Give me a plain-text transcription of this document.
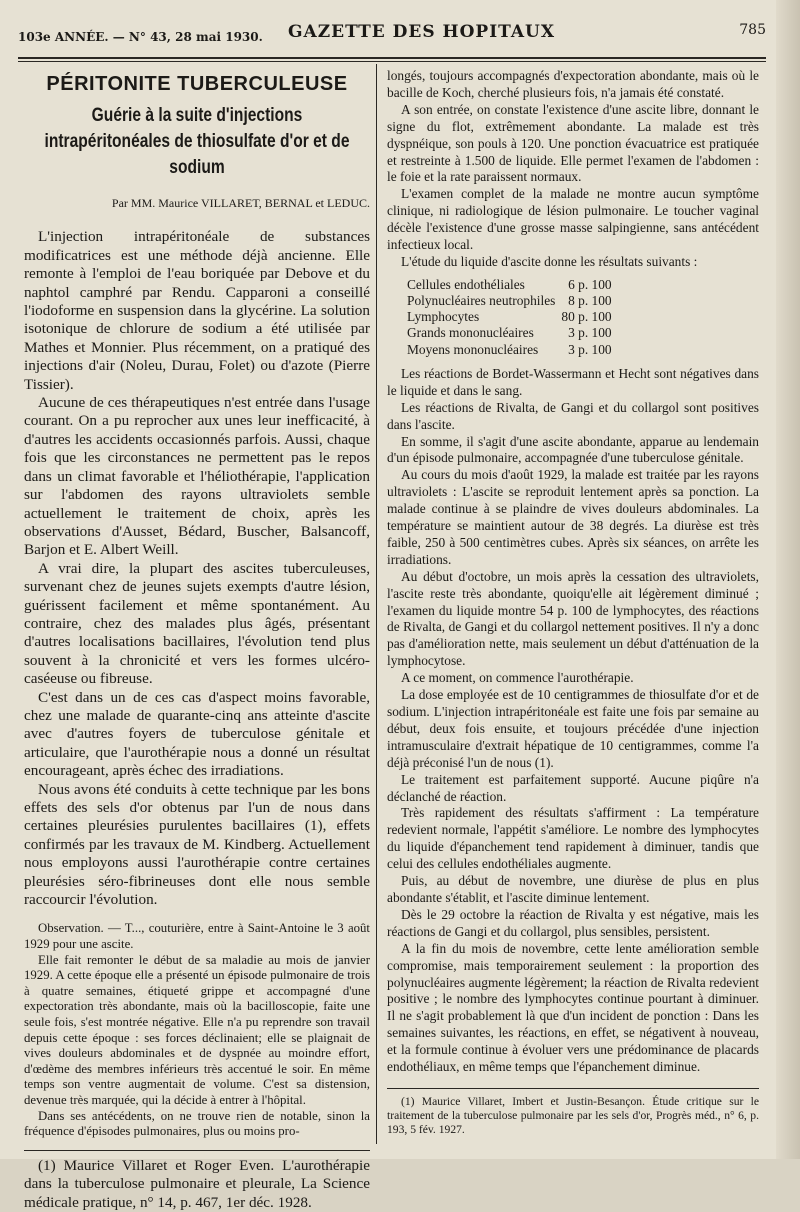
103e ANNÉE. — N° 43, 28 mai 1930. GAZETTE DES HOPITAUX	785
PÉRITONITE TUBERCULEUSE
Guérie à la suite d'injections intrapéritonéales de thiosulfate d'or et de sodium
Par MM. Maurice VILLARET, BERNAL et LEDUC.

L'injection intrapéritonéale de substances modificatrices est une méthode déjà ancienne. Elle remonte à l'emploi de l'eau boriquée par Debove et du naphtol camphré par Rendu. Capparoni a conseillé l'iodoforme en suspension dans la glycérine. La solution isotonique de chlorure de sodium a été utilisée par Mathes et Monnier. Plus récemment, on a pratiqué des injections d'air (Noleu, Durau, Folet) ou d'azote (Pierre Tissier).

Aucune de ces thérapeutiques n'est entrée dans l'usage courant. On a pu reprocher aux unes leur inefficacité, à d'autres les accidents occasionnés parfois. Aussi, chaque fois que les circonstances ne permettent pas le repos dans un climat favorable et l'héliothérapie, l'application sur l'abdomen des rayons ultraviolets semble actuellement le traitement de choix, après les observations d'Ausset, Bédard, Buscher, Balsancoff, Barjon et E. Albert Weill.

A vrai dire, la plupart des ascites tuberculeuses, survenant chez de jeunes sujets exempts d'autre lésion, guérissent facilement et même spontanément. Au contraire, chez des malades plus âgés, présentant d'autres localisations bacillaires, l'évolution tend plus souvent à la chronicité et vers les formes ulcéro-caséeuse ou fibreuse.

C'est dans un de ces cas d'aspect moins favorable, chez une malade de quarante-cinq ans atteinte d'ascite avec d'autres foyers de tuberculose génitale et articulaire, que l'aurothérapie nous a donné un résultat encourageant, après échec des irradiations.

Nous avons été conduits à cette technique par les bons effets des sels d'or obtenus par l'un de nous dans certaines pleurésies purulentes bacillaires (1), effets confirmés par les travaux de M. Kindberg. Actuellement nous employons aussi l'aurothérapie contre certaines pleurésies séro-fibrineuses dont elle nous semble raccourcir l'évolution.

Observation. — T..., couturière, entre à Saint-Antoine le 3 août 1929 pour une ascite.

Elle fait remonter le début de sa maladie au mois de janvier 1929. A cette époque elle a présenté un épisode pulmonaire de trois à quatre semaines, étiqueté grippe et accompagné d'une expectoration très abondante, mais où la bacilloscopie, faite une seule fois, s'est montrée négative. Elle n'a pu reprendre son travail depuis cette époque : ses forces déclinaient; elle se plaignait de vives douleurs abdominales et de dyspnée au moindre effort, d'œdème des membres inférieurs très accentué le soir. En même temps son ventre augmentait de volume. C'est sa distension, devenue très marquée, qui la décide à entrer à l'hôpital.

Dans ses antécédents, on ne trouve rien de notable, sinon la fréquence d'épisodes pulmonaires, plus ou moins pro-

(1) Maurice Villaret et Roger Even. L'aurothérapie dans la tuberculose pulmonaire et pleurale, La Science médicale pratique, n° 14, p. 467, 1er déc. 1928.

longés, toujours accompagnés d'expectoration abondante, mais où le bacille de Koch, cherché plusieurs fois, n'a jamais été constaté.

A son entrée, on constate l'existence d'une ascite libre, donnant le signe du flot, extrêmement abondante. La malade est très dyspnéique, son pouls à 120. Une ponction évacuatrice est pratiquée et restreinte à 1.500 de liquide. Elle permet l'examen de l'abdomen : le foie et la rate paraissent normaux.

L'examen complet de la malade ne montre aucun symptôme clinique, ni radiologique de lésion pulmonaire. Le toucher vaginal décèle l'existence d'une grosse masse salpingienne, sans antécédent infectieux local.

L'étude du liquide d'ascite donne les résultats suivants :

Cellules endothéliales	6 p. 100
Polynucléaires neutrophiles	8 p. 100
Lymphocytes	80 p. 100
Grands mononucléaires	3 p. 100
Moyens mononucléaires	3 p. 100

Les réactions de Bordet-Wassermann et Hecht sont négatives dans le liquide et dans le sang.

Les réactions de Rivalta, de Gangi et du collargol sont positives dans l'ascite.

En somme, il s'agit d'une ascite abondante, apparue au lendemain d'un épisode pulmonaire, accompagnée d'une tuberculose génitale.

Au cours du mois d'août 1929, la malade est traitée par les rayons ultraviolets : L'ascite se reproduit lentement après sa ponction. La malade continue à se plaindre de vives douleurs abdominales. La température se maintient autour de 38 degrés. La diurèse est très faible, 250 à 500 centimètres cubes. Après six séances, on arrête les irradiations.

Au début d'octobre, un mois après la cessation des ultraviolets, l'ascite reste très abondante, quoiqu'elle ait légèrement diminué ; l'examen du liquide montre 54 p. 100 de lymphocytes, des réactions de Rivalta, de Gangi et du collargol nettement positives. Il n'y a donc pas d'amélioration nette, mais seulement un début d'atténuation de la lymphocytose.

A ce moment, on commence l'aurothérapie.

La dose employée est de 10 centigrammes de thiosulfate d'or et de sodium. L'injection intrapéritonéale est faite une fois par semaine au début, deux fois ensuite, et toujours précédée d'une injection intramusculaire d'extrait hépatique de 10 centigrammes, comme l'a déjà préconisé l'un de nous (1).

Le traitement est parfaitement supporté. Aucune piqûre n'a déclanché de réaction.

Très rapidement des résultats s'affirment : La température redevient normale, l'appétit s'améliore. Le nombre des lymphocytes du liquide d'épanchement tend rapidement à diminuer, tandis que celui des cellules endothéliales augmente.

Puis, au début de novembre, une diurèse de plus en plus abondante s'établit, et l'ascite diminue lentement.

Dès le 29 octobre la réaction de Rivalta y est négative, mais les réactions de Gangi et du collargol, plus sensibles, persistent.

A la fin du mois de novembre, cette lente amélioration semble compromise, mais temporairement seulement : la proportion des polynucléaires augmente légèrement; la réaction de Rivalta redevient positive ; le nombre des lymphocytes continue pourtant à diminuer. Il ne s'agit probablement là que d'un incident de ponction : Dans les semaines suivantes, les réactions, en effet, se négativent à nouveau, et la formule continue à évoluer vers une prédominance de placards endothéliaux, en même temps que l'épanchement diminue.

(1) Maurice Villaret, Imbert et Justin-Besançon. Étude critique sur le traitement de la tuberculose pulmonaire par les sels d'or, Progrès méd., n° 6, p. 193, 5 fév. 1927.
